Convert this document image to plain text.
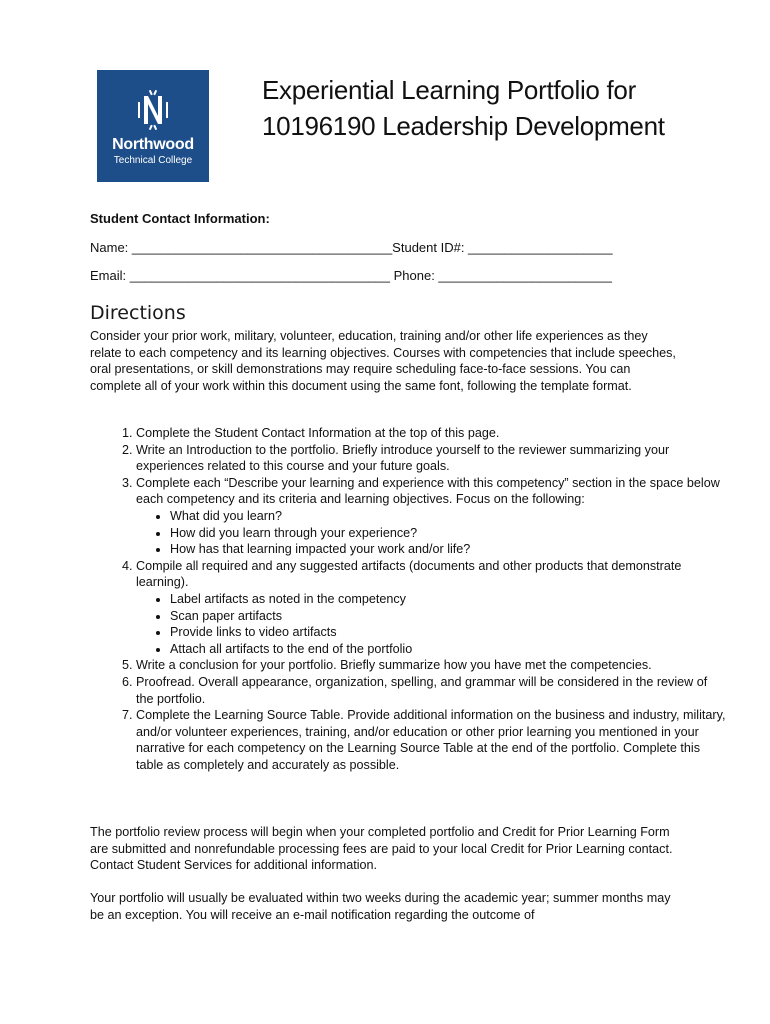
Northwood
Technical College
Experiential Learning Portfolio for
10196190 Leadership Development
Student Contact Information:
Name: ____________________________________Student ID#: ____________________
Email: ____________________________________ Phone: ________________________
Directions
Consider your prior work, military, volunteer, education, training and/or other life experiences as they relate to each competency and its learning objectives. Courses with competencies that include speeches, oral presentations, or skill demonstrations may require scheduling face-to-face sessions. You can complete all of your work within this document using the same font, following the template format.
1. Complete the Student Contact Information at the top of this page.
2. Write an Introduction to the portfolio. Briefly introduce yourself to the reviewer summarizing your experiences related to this course and your future goals.
3. Complete each “Describe your learning and experience with this competency” section in the space below each competency and its criteria and learning objectives. Focus on the following:
• What did you learn?
• How did you learn through your experience?
• How has that learning impacted your work and/or life?
4. Compile all required and any suggested artifacts (documents and other products that demonstrate learning).
• Label artifacts as noted in the competency
• Scan paper artifacts
• Provide links to video artifacts
• Attach all artifacts to the end of the portfolio
5. Write a conclusion for your portfolio. Briefly summarize how you have met the competencies.
6. Proofread. Overall appearance, organization, spelling, and grammar will be considered in the review of the portfolio.
7. Complete the Learning Source Table. Provide additional information on the business and industry, military, and/or volunteer experiences, training, and/or education or other prior learning you mentioned in your narrative for each competency on the Learning Source Table at the end of the portfolio. Complete this table as completely and accurately as possible.
The portfolio review process will begin when your completed portfolio and Credit for Prior Learning Form are submitted and nonrefundable processing fees are paid to your local Credit for Prior Learning contact. Contact Student Services for additional information.
Your portfolio will usually be evaluated within two weeks during the academic year; summer months may be an exception. You will receive an e-mail notification regarding the outcome of
